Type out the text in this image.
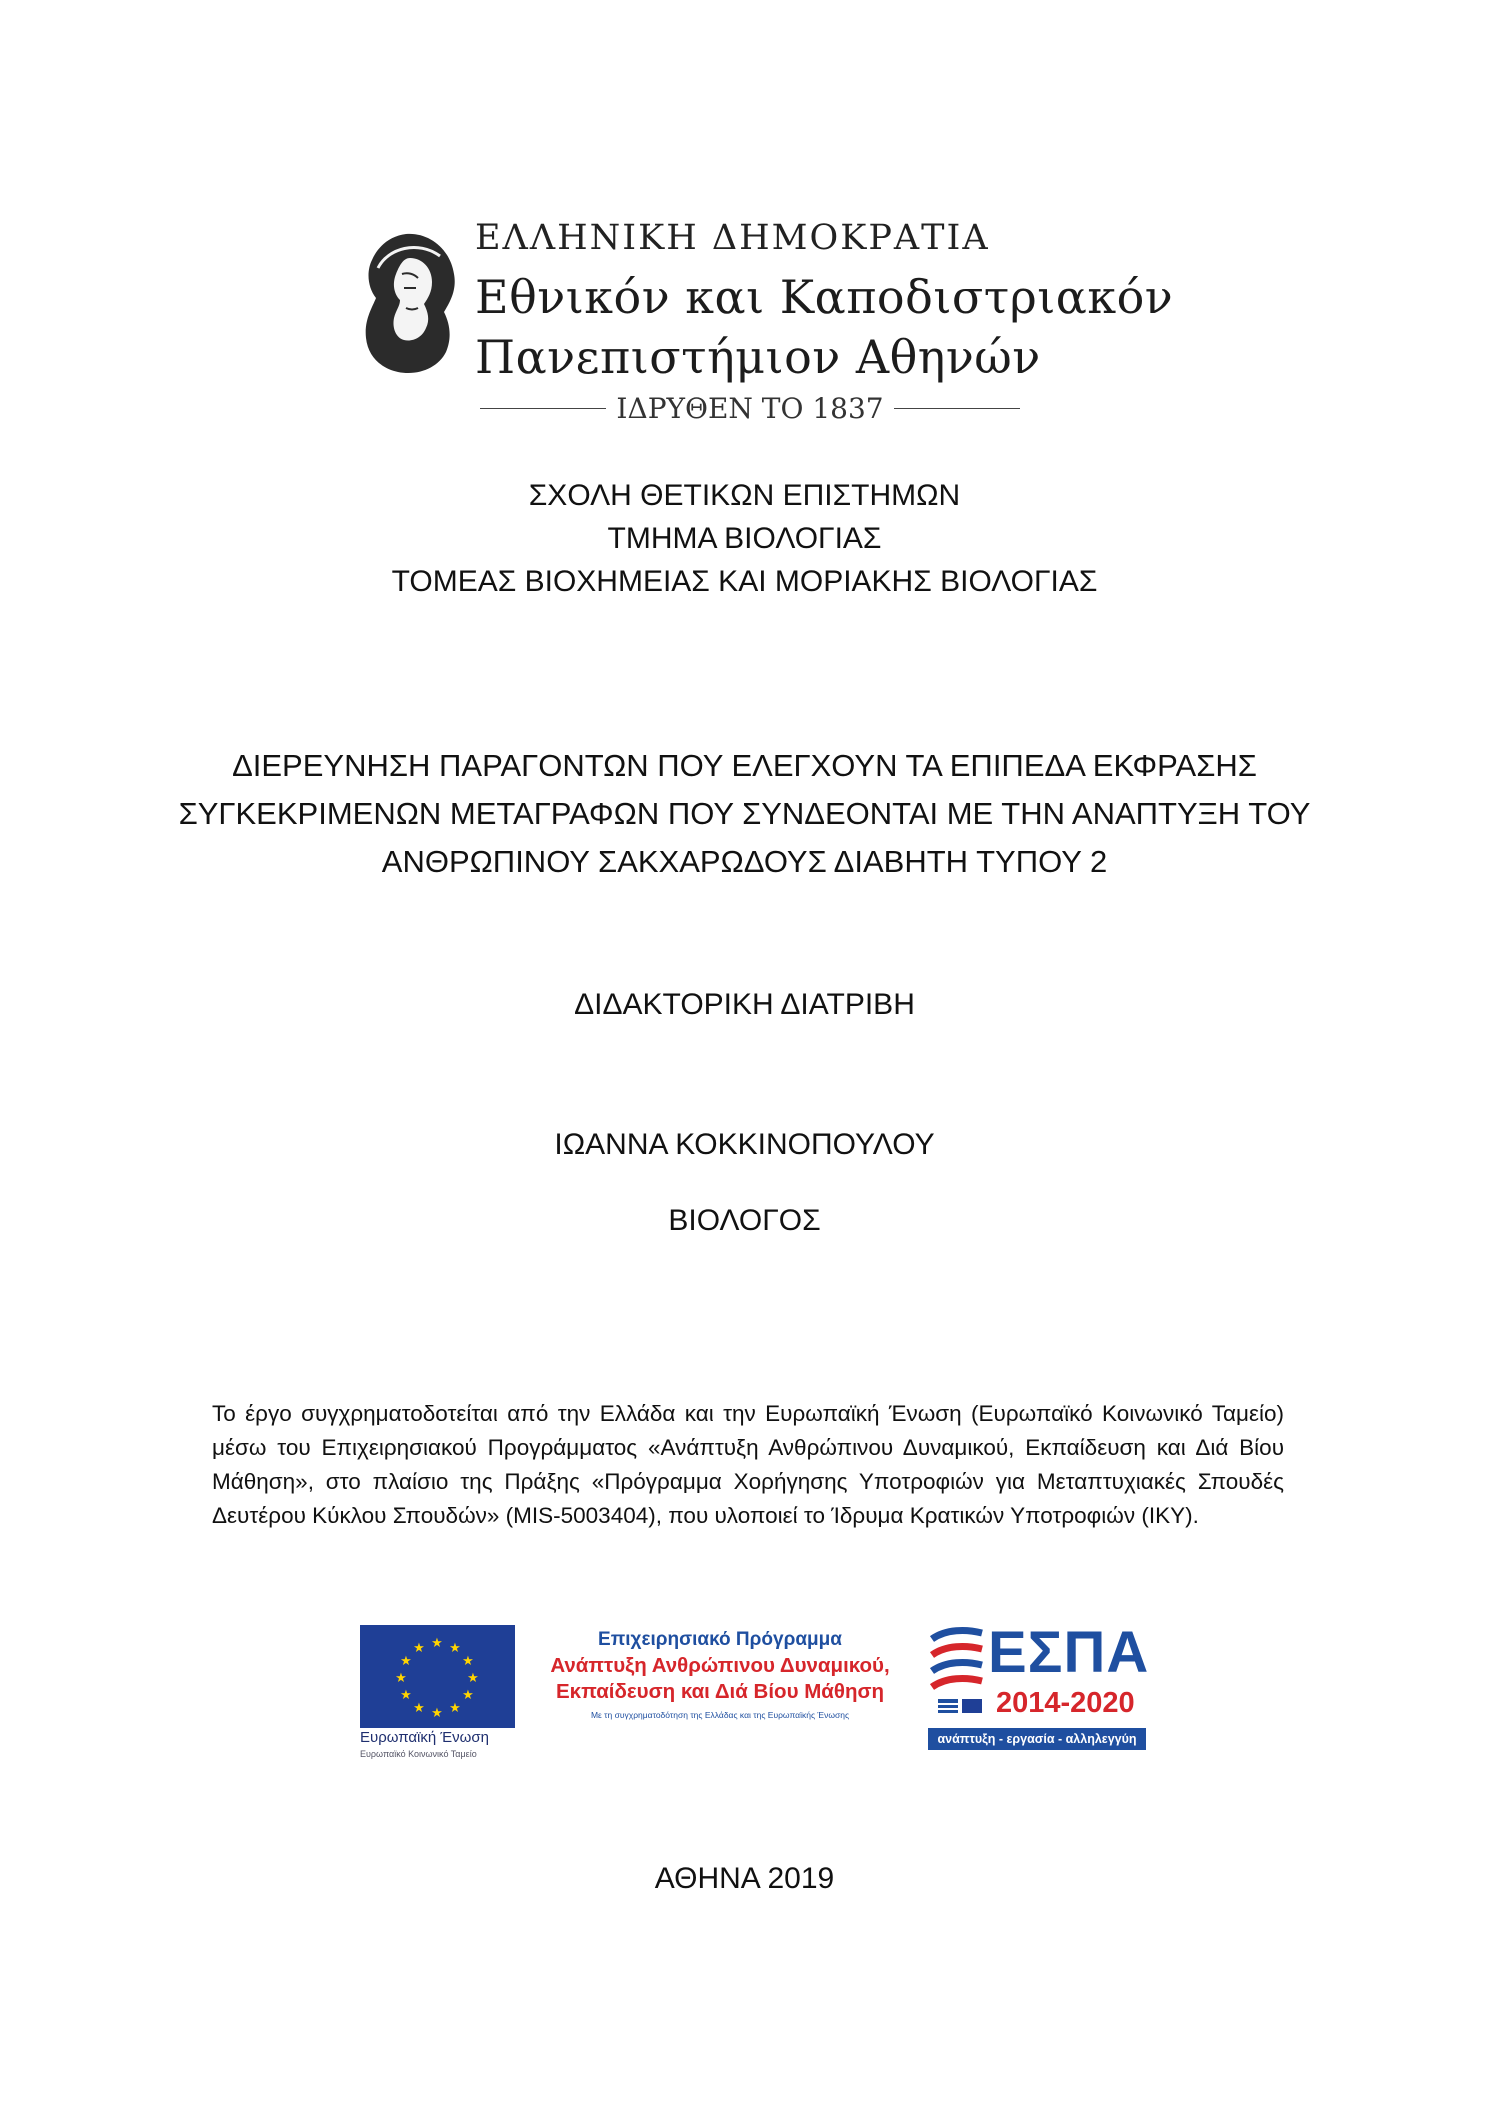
ΕΛΛΗΝΙΚΗ ΔΗΜΟΚΡΑΤΙΑ
Εθνικόν και Καποδιστριακόν
Πανεπιστήμιον Αθηνών
ΙΔΡΥΘΕΝ ΤΟ 1837
ΣΧΟΛΗ ΘΕΤΙΚΩΝ ΕΠΙΣΤΗΜΩΝ
ΤΜΗΜΑ ΒΙΟΛΟΓΙΑΣ
ΤΟΜΕΑΣ ΒΙΟΧΗΜΕΙΑΣ ΚΑΙ ΜΟΡΙΑΚΗΣ ΒΙΟΛΟΓΙΑΣ
ΔΙΕΡΕΥΝΗΣΗ ΠΑΡΑΓΟΝΤΩΝ ΠΟΥ ΕΛΕΓΧΟΥΝ ΤΑ ΕΠΙΠΕΔΑ ΕΚΦΡΑΣΗΣ
ΣΥΓΚΕΚΡΙΜΕΝΩΝ ΜΕΤΑΓΡΑΦΩΝ ΠΟΥ ΣΥΝΔΕΟΝΤΑΙ ΜΕ ΤΗΝ ΑΝΑΠΤΥΞΗ ΤΟΥ
ΑΝΘΡΩΠΙΝΟΥ ΣΑΚΧΑΡΩΔΟΥΣ ΔΙΑΒΗΤΗ ΤΥΠΟΥ 2
ΔΙΔΑΚΤΟΡΙΚΗ ΔΙΑΤΡΙΒΗ
ΙΩΑΝΝΑ ΚΟΚΚΙΝΟΠΟΥΛΟΥ
ΒΙΟΛΟΓΟΣ
Το έργο συγχρηματοδοτείται από την Ελλάδα και την Ευρωπαϊκή Ένωση (Ευρωπαϊκό Κοινωνικό Ταμείο) μέσω του Επιχειρησιακού Προγράμματος «Ανάπτυξη Ανθρώπινου Δυναμικού, Εκπαίδευση και Διά Βίου Μάθηση», στο πλαίσιο της Πράξης «Πρόγραμμα Χορήγησης Υποτροφιών για Μεταπτυχιακές Σπουδές Δευτέρου Κύκλου Σπουδών» (MIS-5003404), που υλοποιεί το Ίδρυμα Κρατικών Υποτροφιών (ΙΚΥ).
★ ★
★
★
★
★
★
★
★
★
★
★
Ευρωπαϊκή Ένωση
Ευρωπαϊκό Κοινωνικό Ταμείο
Επιχειρησιακό Πρόγραμμα
Ανάπτυξη Ανθρώπινου Δυναμικού,
Εκπαίδευση και Διά Βίου Μάθηση
Με τη συγχρηματοδότηση της Ελλάδας και της Ευρωπαϊκής Ένωσης
ΕΣΠΑ
2014-2020
ανάπτυξη - εργασία - αλληλεγγύη
ΑΘΗΝΑ 2019
